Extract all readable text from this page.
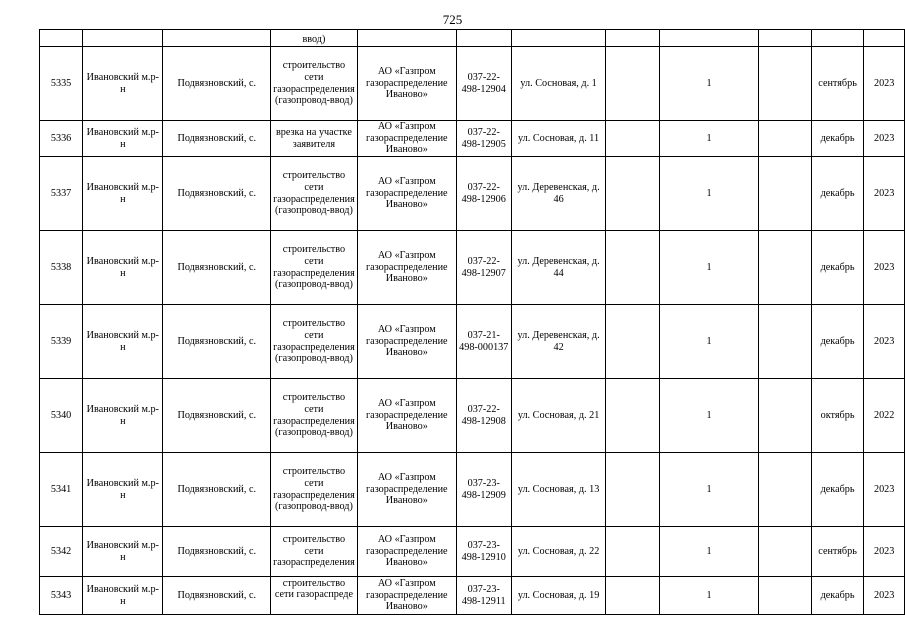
725

			ввод)								

5335	Ивановский м.р-н	Подвязновский, с.	строительство сети газораспределения (газопровод-ввод)	АО «Газпром газораспределение Иваново»	037-22-498-12904	ул. Сосновая, д. 1		1		сентябрь	2023
5336	Ивановский м.р-н	Подвязновский, с.	врезка на участке заявителя	АО «Газпром газораспределение Иваново»	037-22-498-12905	ул. Сосновая, д. 11		1		декабрь	2023
5337	Ивановский м.р-н	Подвязновский, с.	строительство сети газораспределения (газопровод-ввод)	АО «Газпром газораспределение Иваново»	037-22-498-12906	ул. Деревенская, д. 46		1		декабрь	2023
5338	Ивановский м.р-н	Подвязновский, с.	строительство сети газораспределения (газопровод-ввод)	АО «Газпром газораспределение Иваново»	037-22-498-12907	ул. Деревенская, д. 44		1		декабрь	2023
5339	Ивановский м.р-н	Подвязновский, с.	строительство сети газораспределения (газопровод-ввод)	АО «Газпром газораспределение Иваново»	037-21-498-000137	ул. Деревенская, д. 42		1		декабрь	2023
5340	Ивановский м.р-н	Подвязновский, с.	строительство сети газораспределения (газопровод-ввод)	АО «Газпром газораспределение Иваново»	037-22-498-12908	ул. Сосновая, д. 21		1		октябрь	2022
5341	Ивановский м.р-н	Подвязновский, с.	строительство сети газораспределения (газопровод-ввод)	АО «Газпром газораспределение Иваново»	037-23-498-12909	ул. Сосновая, д. 13		1		декабрь	2023
5342	Ивановский м.р-н	Подвязновский, с.	строительство сети газораспределения	АО «Газпром газораспределение Иваново»	037-23-498-12910	ул. Сосновая, д. 22		1		сентябрь	2023
5343	Ивановский м.р-н	Подвязновский, с.	строительство сети газораспреде	АО «Газпром газораспределение Иваново»	037-23-498-12911	ул. Сосновая, д. 19		1		декабрь	2023
